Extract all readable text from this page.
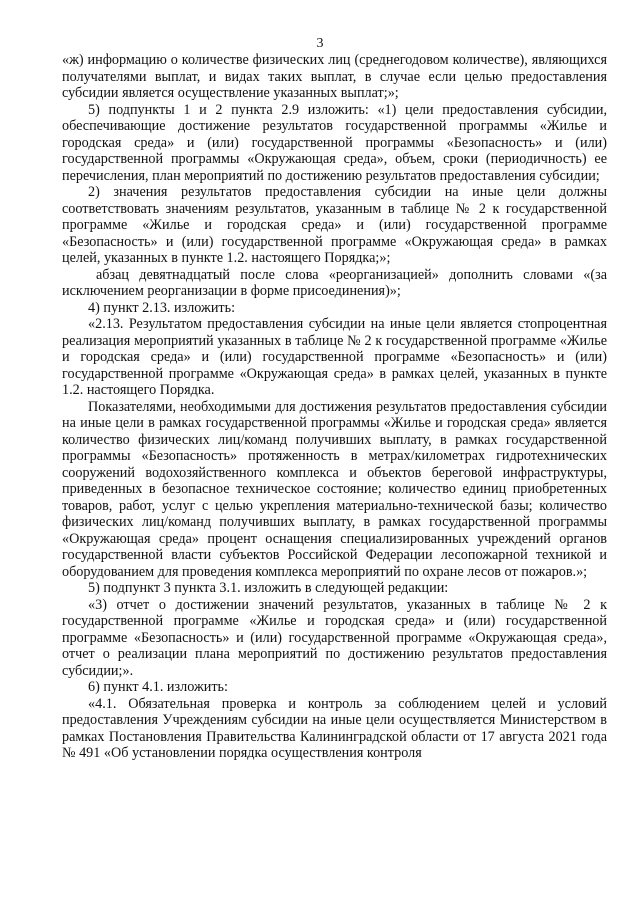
3

«ж) информацию о количестве физических лиц (среднегодовом количестве), являющихся получателями выплат, и видах таких выплат, в случае если целью предоставления субсидии является осуществление указанных выплат;»;

5) подпункты 1 и 2 пункта 2.9 изложить: «1) цели предоставления субсидии, обеспечивающие достижение результатов государственной программы «Жилье и городская среда» и (или) государственной программы «Безопасность» и (или) государственной программы «Окружающая среда», объем, сроки (периодичность) ее перечисления, план мероприятий по достижению результатов предоставления субсидии;

2) значения результатов предоставления субсидии на иные цели должны соответствовать значениям результатов, указанным в таблице № 2 к государственной программе «Жилье и городская среда» и (или) государственной программе «Безопасность» и (или) государственной программе «Окружающая среда» в рамках целей, указанных в пункте 1.2. настоящего Порядка;»;

абзац девятнадцатый после слова «реорганизацией» дополнить словами «(за исключением реорганизации в форме присоединения)»;

4) пункт 2.13. изложить:

«2.13. Результатом предоставления субсидии на иные цели является стопроцентная реализация мероприятий указанных в таблице № 2 к государственной программе «Жилье и городская среда» и (или) государственной программе «Безопасность» и (или) государственной программе «Окружающая среда» в рамках целей, указанных в пункте 1.2. настоящего Порядка.

Показателями, необходимыми для достижения результатов предоставления субсидии на иные цели в рамках государственной программы «Жилье и городская среда» является количество физических лиц/команд получивших выплату, в рамках государственной программы «Безопасность» протяженность в метрах/километрах гидротехнических сооружений водохозяйственного комплекса и объектов береговой инфраструктуры, приведенных в безопасное техническое состояние; количество единиц приобретенных товаров, работ, услуг с целью укрепления материально-технической базы; количество физических лиц/команд получивших выплату, в рамках государственной программы «Окружающая среда» процент оснащения специализированных учреждений органов государственной власти субъектов Российской Федерации лесопожарной техникой и оборудованием для проведения комплекса мероприятий по охране лесов от пожаров.»;

5) подпункт 3 пункта 3.1. изложить в следующей редакции:

«3) отчет о достижении значений результатов, указанных в таблице № 2 к государственной программе «Жилье и городская среда» и (или) государственной программе «Безопасность» и (или) государственной программе «Окружающая среда», отчет о реализации плана мероприятий по достижению результатов предоставления субсидии;».

6) пункт 4.1. изложить:

«4.1. Обязательная проверка и контроль за соблюдением целей и условий предоставления Учреждениям субсидии на иные цели осуществляется Министерством в рамках Постановления Правительства Калининградской области от 17 августа 2021 года № 491 «Об установлении порядка осуществления контроля
